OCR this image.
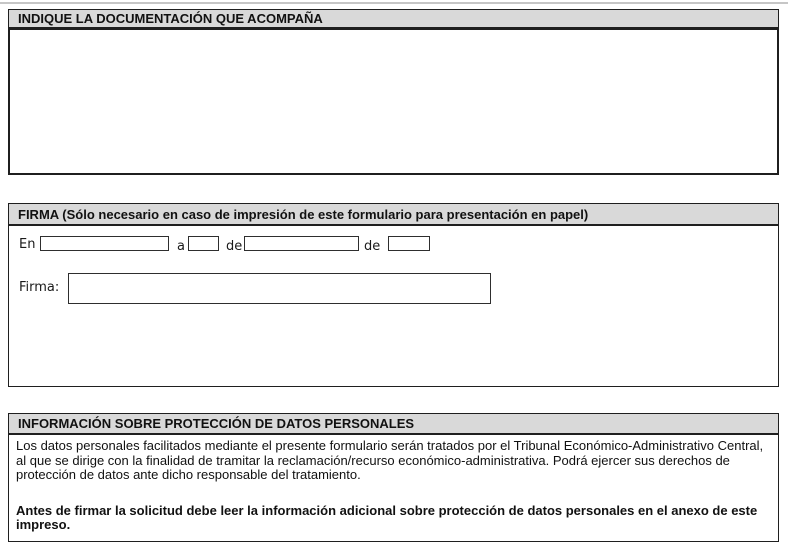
INDIQUE LA DOCUMENTACIÓN QUE ACOMPAÑA
FIRMA (Sólo necesario en caso de impresión de este formulario para presentación en papel)
En	a	de	de
Firma:
INFORMACIÓN SOBRE PROTECCIÓN DE DATOS PERSONALES

Los datos personales facilitados mediante el presente formulario serán tratados por el Tribunal Económico-Administrativo Central, al que se dirige con la finalidad de tramitar la reclamación/recurso económico-administrativa. Podrá ejercer sus derechos de protección de datos ante dicho responsable del tratamiento.

Antes de firmar la solicitud debe leer la información adicional sobre protección de datos personales en el anexo de este impreso.
